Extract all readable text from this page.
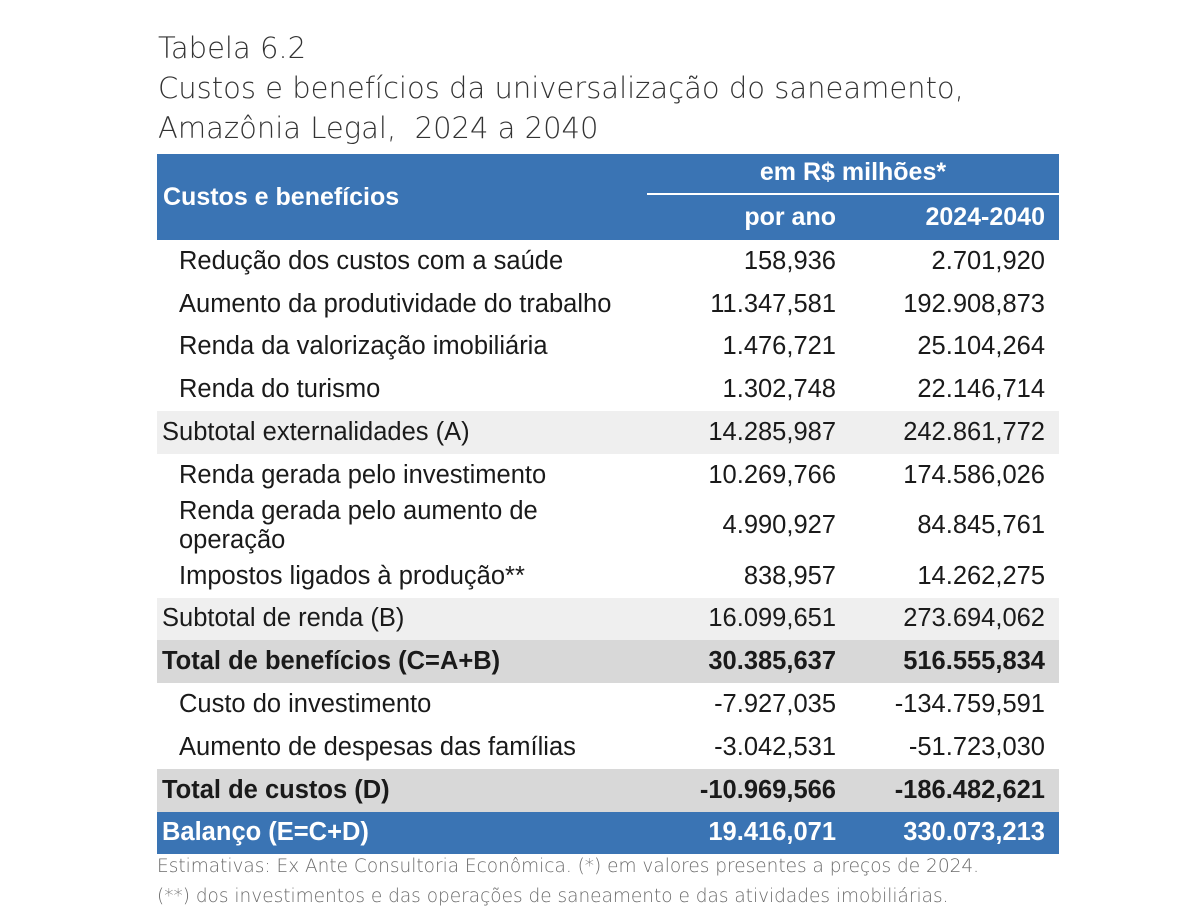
Tabela 6.2
Custos e benefícios da universalização do saneamento,
Amazônia Legal,  2024 a 2040
Custos e benefícios	em R$ milhões*	
	por ano	2024-2040
Redução dos custos com a saúde	158,936	2.701,920
Aumento da produtividade do trabalho	11.347,581	192.908,873
Renda da valorização imobiliária	1.476,721	25.104,264
Renda do turismo	1.302,748	22.146,714
Subtotal externalidades (A)	14.285,987	242.861,772
Renda gerada pelo investimento	10.269,766	174.586,026
Renda gerada pelo aumento de operação	4.990,927	84.845,761
Impostos ligados à produção**	838,957	14.262,275
Subtotal de renda (B)	16.099,651	273.694,062
Total de benefícios (C=A+B)	30.385,637	516.555,834
Custo do investimento	-7.927,035	-134.759,591
Aumento de despesas das famílias	-3.042,531	-51.723,030
Total de custos (D)	-10.969,566	-186.482,621
Balanço (E=C+D)	19.416,071	330.073,213
Estimativas: Ex Ante Consultoria Econômica. (*) em valores presentes a preços de 2024.
(**) dos investimentos e das operações de saneamento e das atividades imobiliárias.
